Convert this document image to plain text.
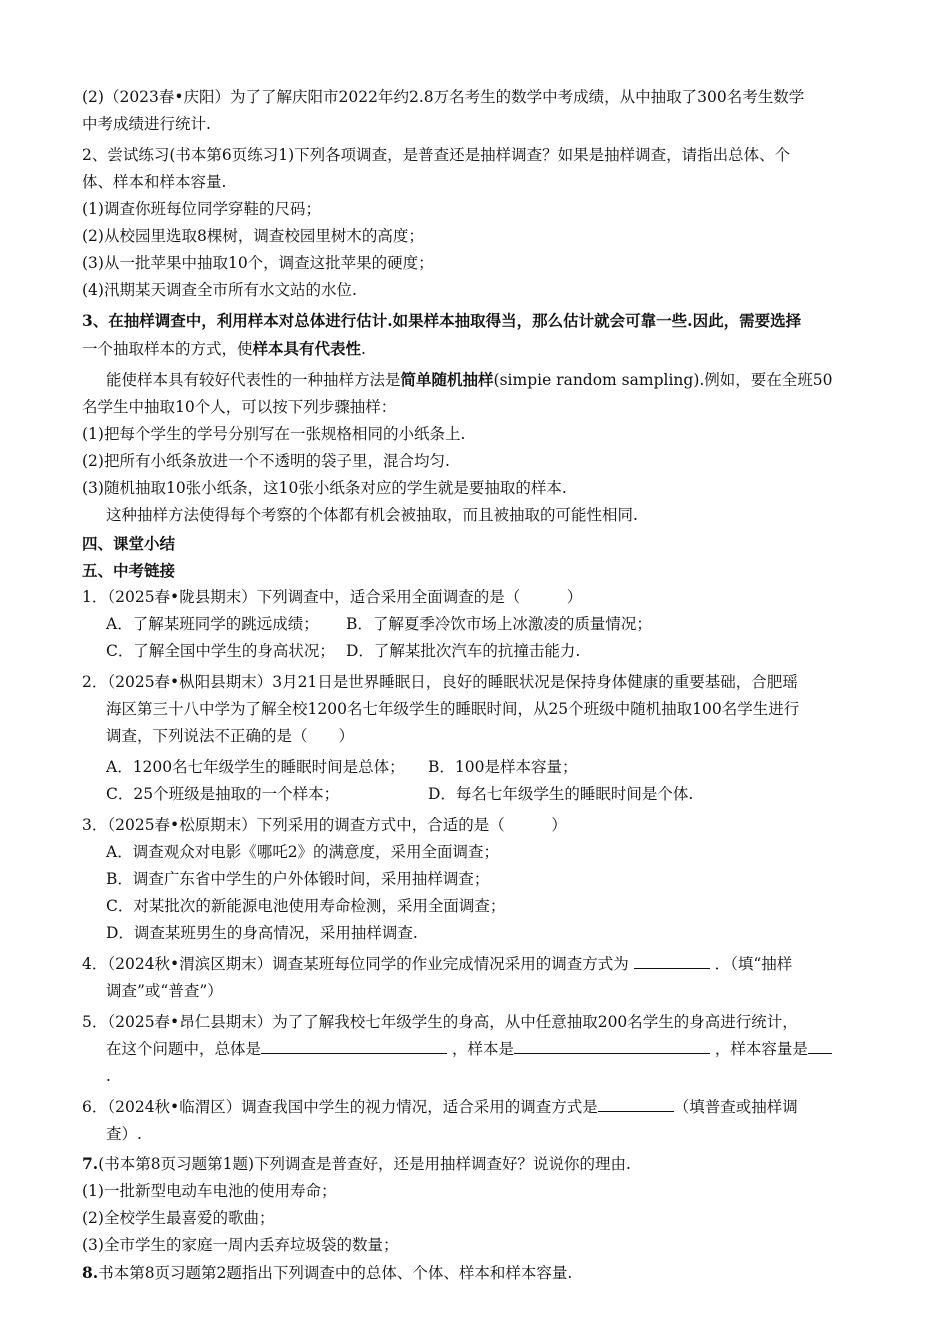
(2)（2023春•庆阳）为了了解庆阳市2022年约2.8万名考生的数学中考成绩，从中抽取了300名考生数学
中考成绩进行统计.
2、尝试练习(书本第6页练习1)下列各项调查，是普查还是抽样调查？如果是抽样调查，请指出总体、个
体、样本和样本容量.
(1)调查你班每位同学穿鞋的尺码；
(2)从校园里选取8棵树，调查校园里树木的高度；
(3)从一批苹果中抽取10个，调查这批苹果的硬度；
(4)汛期某天调查全市所有水文站的水位.
3、在抽样调查中，利用样本对总体进行估计.如果样本抽取得当，那么估计就会可靠一些.因此，需要选择
一个抽取样本的方式，使样本具有代表性.
能使样本具有较好代表性的一种抽样方法是简单随机抽样(simpie random sampling).例如，要在全班50
名学生中抽取10个人，可以按下列步骤抽样：
(1)把每个学生的学号分别写在一张规格相同的小纸条上.
(2)把所有小纸条放进一个不透明的袋子里，混合均匀.
(3)随机抽取10张小纸条，这10张小纸条对应的学生就是要抽取的样本.
这种抽样方法使得每个考察的个体都有机会被抽取，而且被抽取的可能性相同.
四、课堂小结
五、中考链接
1．（2025春•陇县期末）下列调查中，适合采用全面调查的是（　　　）
A．了解某班同学的跳远成绩； B．了解夏季冷饮市场上冰激凌的质量情况；
C．了解全国中学生的身高状况； D．了解某批次汽车的抗撞击能力.
2．（2025春•枞阳县期末）3月21日是世界睡眠日，良好的睡眠状况是保持身体健康的重要基础，合肥瑶
海区第三十八中学为了解全校1200名七年级学生的睡眠时间，从25个班级中随机抽取100名学生进行
调查，下列说法不正确的是（　　）
A．1200名七年级学生的睡眠时间是总体； B．100是样本容量；
C．25个班级是抽取的一个样本；	D．每名七年级学生的睡眠时间是个体.
3．（2025春•松原期末）下列采用的调查方式中，合适的是（　　　）
A．调查观众对电影《哪吒2》的满意度，采用全面调查；
B．调查广东省中学生的户外体锻时间，采用抽样调查；
C．对某批次的新能源电池使用寿命检测，采用全面调查；
D．调查某班男生的身高情况，采用抽样调查.
4．（2024秋•渭滨区期末）调查某班每位同学的作业完成情况采用的调查方式为	．（填“抽样
调查”或“普查”）
5．（2025春•昂仁县期末）为了了解我校七年级学生的身高，从中任意抽取200名学生的身高进行统计，
在这个问题中，总体是	，样本是	，样本容量是
.
6．（2024秋•临渭区）调查我国中学生的视力情况，适合采用的调查方式是	（填普查或抽样调
查）.
7.(书本第8页习题第1题)下列调查是普查好，还是用抽样调查好？说说你的理由.
(1)一批新型电动车电池的使用寿命；
(2)全校学生最喜爱的歌曲；
(3)全市学生的家庭一周内丢弃垃圾袋的数量；
8.书本第8页习题第2题指出下列调查中的总体、个体、样本和样本容量.
